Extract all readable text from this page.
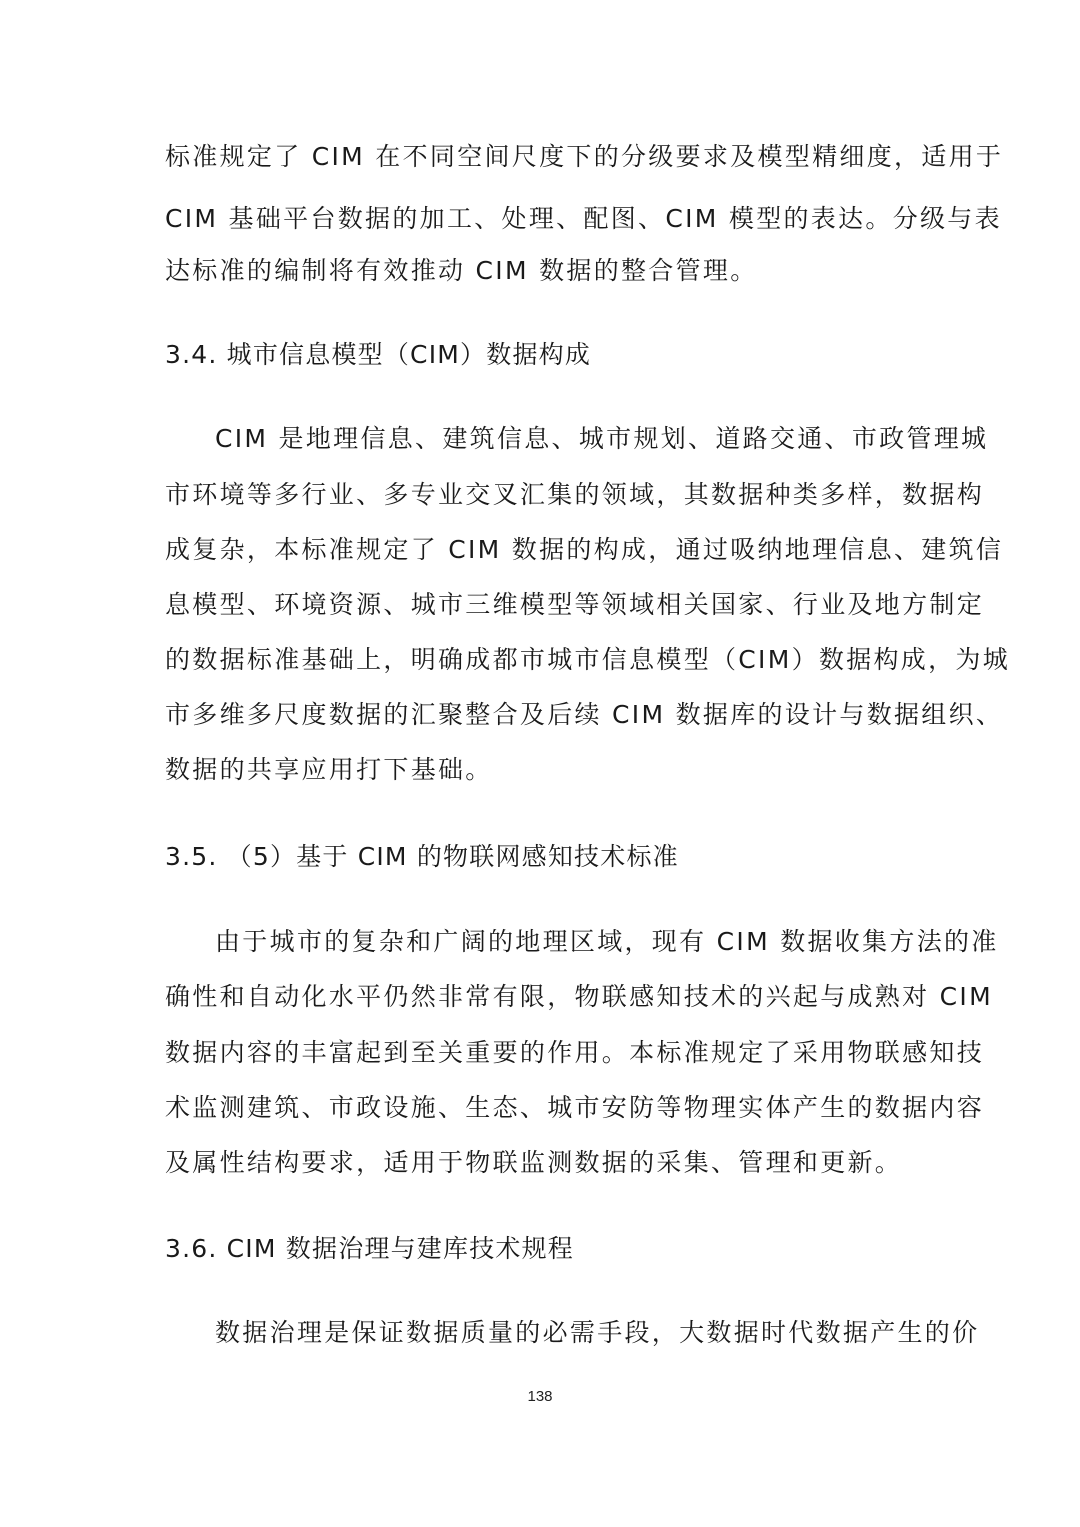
标准规定了 CIM 在不同空间尺度下的分级要求及模型精细度，适用于
CIM 基础平台数据的加工、处理、配图、CIM 模型的表达。分级与表
达标准的编制将有效推动 CIM 数据的整合管理。
3.4. 城市信息模型（CIM）数据构成
CIM 是地理信息、建筑信息、城市规划、道路交通、市政管理城
市环境等多行业、多专业交叉汇集的领域，其数据种类多样，数据构
成复杂，本标准规定了 CIM 数据的构成，通过吸纳地理信息、建筑信
息模型、环境资源、城市三维模型等领域相关国家、行业及地方制定
的数据标准基础上，明确成都市城市信息模型（CIM）数据构成，为城
市多维多尺度数据的汇聚整合及后续 CIM 数据库的设计与数据组织、
数据的共享应用打下基础。
3.5. （5）基于 CIM 的物联网感知技术标准
由于城市的复杂和广阔的地理区域，现有 CIM 数据收集方法的准
确性和自动化水平仍然非常有限，物联感知技术的兴起与成熟对 CIM
数据内容的丰富起到至关重要的作用。本标准规定了采用物联感知技
术监测建筑、市政设施、生态、城市安防等物理实体产生的数据内容
及属性结构要求，适用于物联监测数据的采集、管理和更新。
3.6. CIM 数据治理与建库技术规程
数据治理是保证数据质量的必需手段，大数据时代数据产生的价
138
